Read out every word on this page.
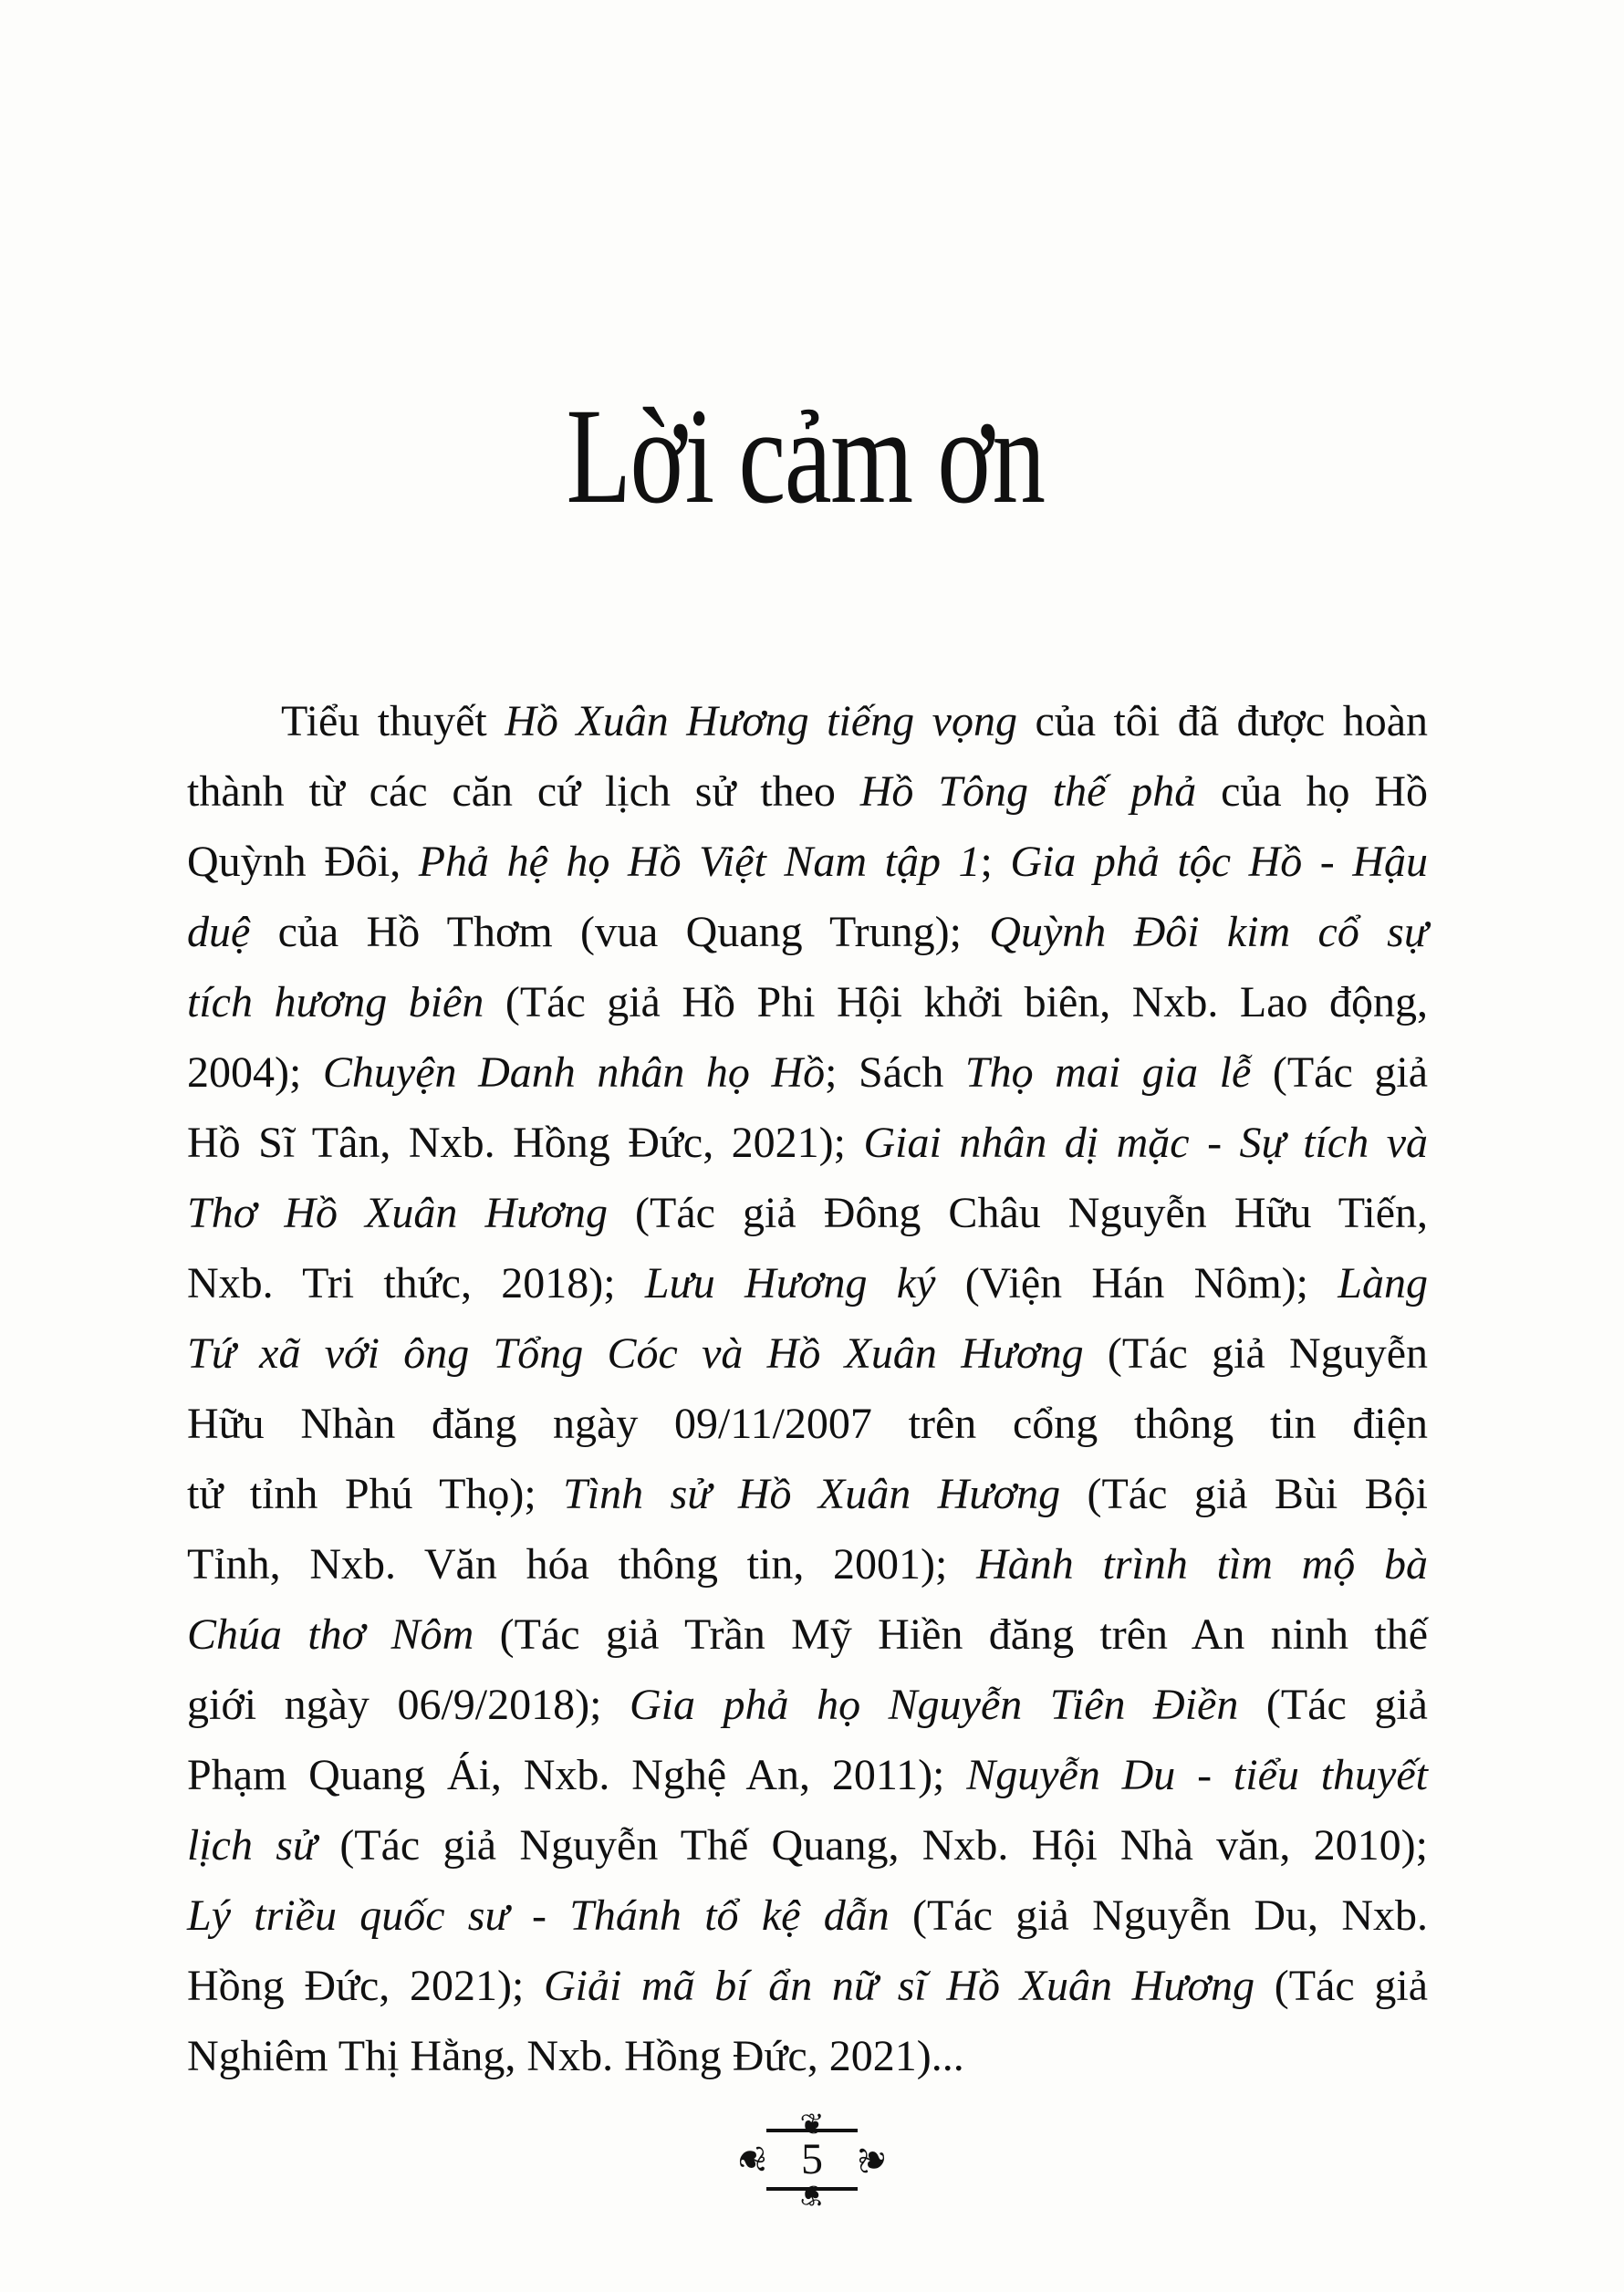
Lời cảm ơn
Tiểu thuyết Hồ Xuân Hương tiếng vọng của tôi đã được hoàn
thành từ các căn cứ lịch sử theo Hồ Tông thế phả của họ Hồ
Quỳnh Đôi, Phả hệ họ Hồ Việt Nam tập 1; Gia phả tộc Hồ - Hậu
duệ của Hồ Thơm (vua Quang Trung); Quỳnh Đôi kim cổ sự
tích hương biên (Tác giả Hồ Phi Hội khởi biên, Nxb. Lao động,
2004); Chuyện Danh nhân họ Hồ; Sách Thọ mai gia lễ (Tác giả
Hồ Sĩ Tân, Nxb. Hồng Đức, 2021); Giai nhân dị mặc - Sự tích và
Thơ Hồ Xuân Hương (Tác giả Đông Châu Nguyễn Hữu Tiến,
Nxb. Tri thức, 2018); Lưu Hương ký (Viện Hán Nôm); Làng
Tứ xã với ông Tổng Cóc và Hồ Xuân Hương (Tác giả Nguyễn
Hữu Nhàn đăng ngày 09/11/2007 trên cổng thông tin điện
tử tỉnh Phú Thọ); Tình sử Hồ Xuân Hương (Tác giả Bùi Bội
Tỉnh, Nxb. Văn hóa thông tin, 2001); Hành trình tìm mộ bà
Chúa thơ Nôm (Tác giả Trần Mỹ Hiền đăng trên An ninh thế
giới ngày 06/9/2018); Gia phả họ Nguyễn Tiên Điền (Tác giả
Phạm Quang Ái, Nxb. Nghệ An, 2011); Nguyễn Du - tiểu thuyết
lịch sử (Tác giả Nguyễn Thế Quang, Nxb. Hội Nhà văn, 2010);
Lý triều quốc sư - Thánh tổ kệ dẫn (Tác giả Nguyễn Du, Nxb.
Hồng Đức, 2021); Giải mã bí ẩn nữ sĩ Hồ Xuân Hương (Tác giả
Nghiêm Thị Hằng, Nxb. Hồng Đức, 2021)...
❦
❦ 5 ❦
❦
